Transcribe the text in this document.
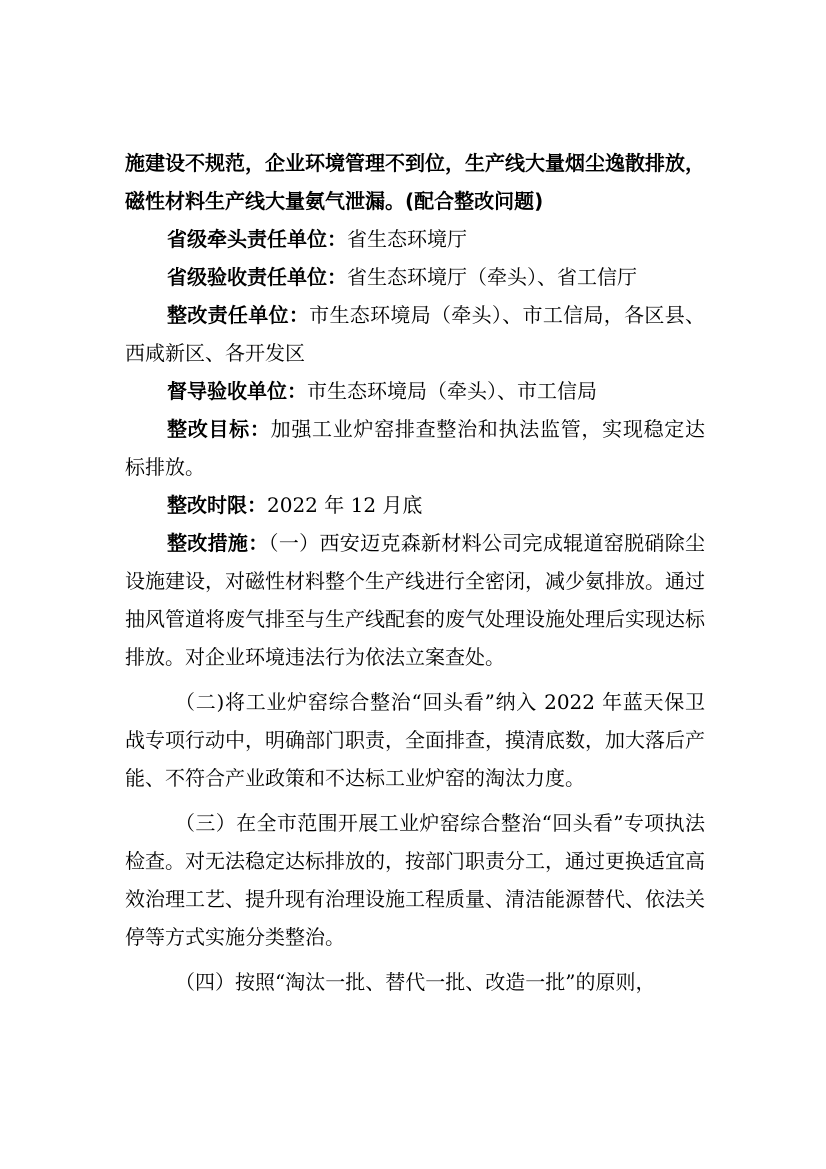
施建设不规范，企业环境管理不到位，生产线大量烟尘逸散排放，磁性材料生产线大量氨气泄漏。(配合整改问题)

省级牵头责任单位：省生态环境厅

省级验收责任单位：省生态环境厅（牵头）、省工信厅

整改责任单位：市生态环境局（牵头）、市工信局，各区县、西咸新区、各开发区

督导验收单位：市生态环境局（牵头）、市工信局

整改目标：加强工业炉窑排查整治和执法监管，实现稳定达标排放。

整改时限：2022 年 12 月底

整改措施：（一）西安迈克森新材料公司完成辊道窑脱硝除尘设施建设，对磁性材料整个生产线进行全密闭，减少氨排放。通过抽风管道将废气排至与生产线配套的废气处理设施处理后实现达标排放。对企业环境违法行为依法立案查处。

（二)将工业炉窑综合整治“回头看”纳入 2022 年蓝天保卫战专项行动中，明确部门职责，全面排查，摸清底数，加大落后产能、不符合产业政策和不达标工业炉窑的淘汰力度。

（三）在全市范围开展工业炉窑综合整治“回头看”专项执法检查。对无法稳定达标排放的，按部门职责分工，通过更换适宜高效治理工艺、提升现有治理设施工程质量、清洁能源替代、依法关停等方式实施分类整治。

（四）按照“淘汰一批、替代一批、改造一批”的原则，
